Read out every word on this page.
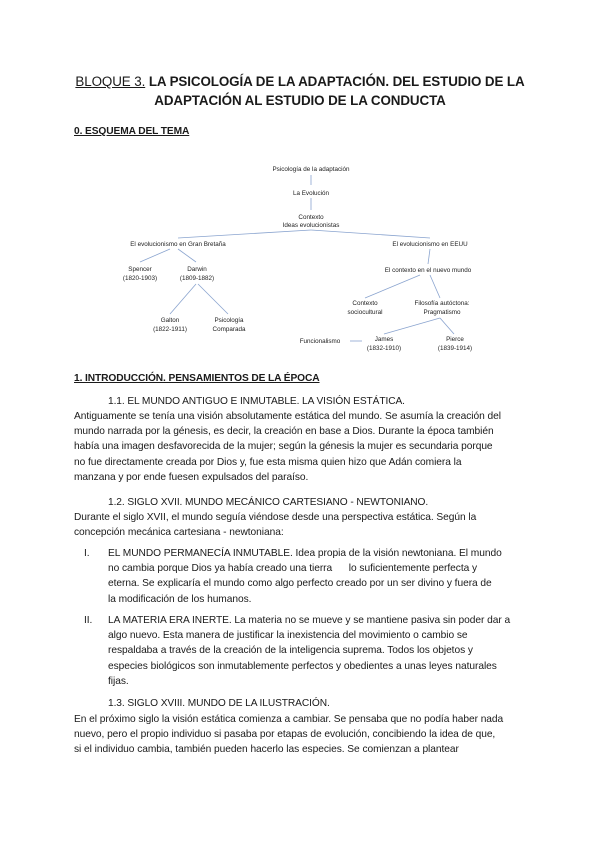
BLOQUE 3. LA PSICOLOGÍA DE LA ADAPTACIÓN. DEL ESTUDIO DE LA
ADAPTACIÓN AL ESTUDIO DE LA CONDUCTA
0. ESQUEMA DEL TEMA
Psicología de la adaptación
La Evolución
Contexto
Ideas evolucionistas
El evolucionismo en Gran Bretaña	El evolucionismo en EEUU
Spencer
(1820-1903)
Darwin
(1809-1882)
Galton
(1822-1911)
Psicología
Comparada
El contexto en el nuevo mundo
Contexto
sociocultural
Filosofía autóctona:
Pragmatismo
Funcionalismo	James
(1832-1910)
Pierce
(1839-1914)
1. INTRODUCCIÓN. PENSAMIENTOS DE LA ÉPOCA
1.1. EL MUNDO ANTIGUO E INMUTABLE. LA VISIÓN ESTÁTICA.
Antiguamente se tenía una visión absolutamente estática del mundo. Se asumía la creación del
mundo narrada por la génesis, es decir, la creación en base a Dios. Durante la época también
había una imagen desfavorecida de la mujer; según la génesis la mujer es secundaria porque
no fue directamente creada por Dios y, fue esta misma quien hizo que Adán comiera la
manzana y por ende fuesen expulsados del paraíso.
1.2. SIGLO XVII. MUNDO MECÁNICO CARTESIANO - NEWTONIANO.
Durante el siglo XVII, el mundo seguía viéndose desde una perspectiva estática. Según la
concepción mecánica cartesiana - newtoniana:
I. EL MUNDO PERMANECÍA INMUTABLE. Idea propia de la visión newtoniana. El mundo
no cambia porque Dios ya había creado una tierra      lo suficientemente perfecta y
eterna. Se explicaría el mundo como algo perfecto creado por un ser divino y fuera de
la modificación de los humanos.
II. LA MATERIA ERA INERTE. La materia no se mueve y se mantiene pasiva sin poder dar a
algo nuevo. Esta manera de justificar la inexistencia del movimiento o cambio se
respaldaba a través de la creación de la inteligencia suprema. Todos los objetos y
especies biológicos son inmutablemente perfectos y obedientes a unas leyes naturales
fijas.
1.3. SIGLO XVIII. MUNDO DE LA ILUSTRACIÓN.
En el próximo siglo la visión estática comienza a cambiar. Se pensaba que no podía haber nada
nuevo, pero el propio individuo si pasaba por etapas de evolución, concibiendo la idea de que,
si el individuo cambia, también pueden hacerlo las especies. Se comienzan a plantear
